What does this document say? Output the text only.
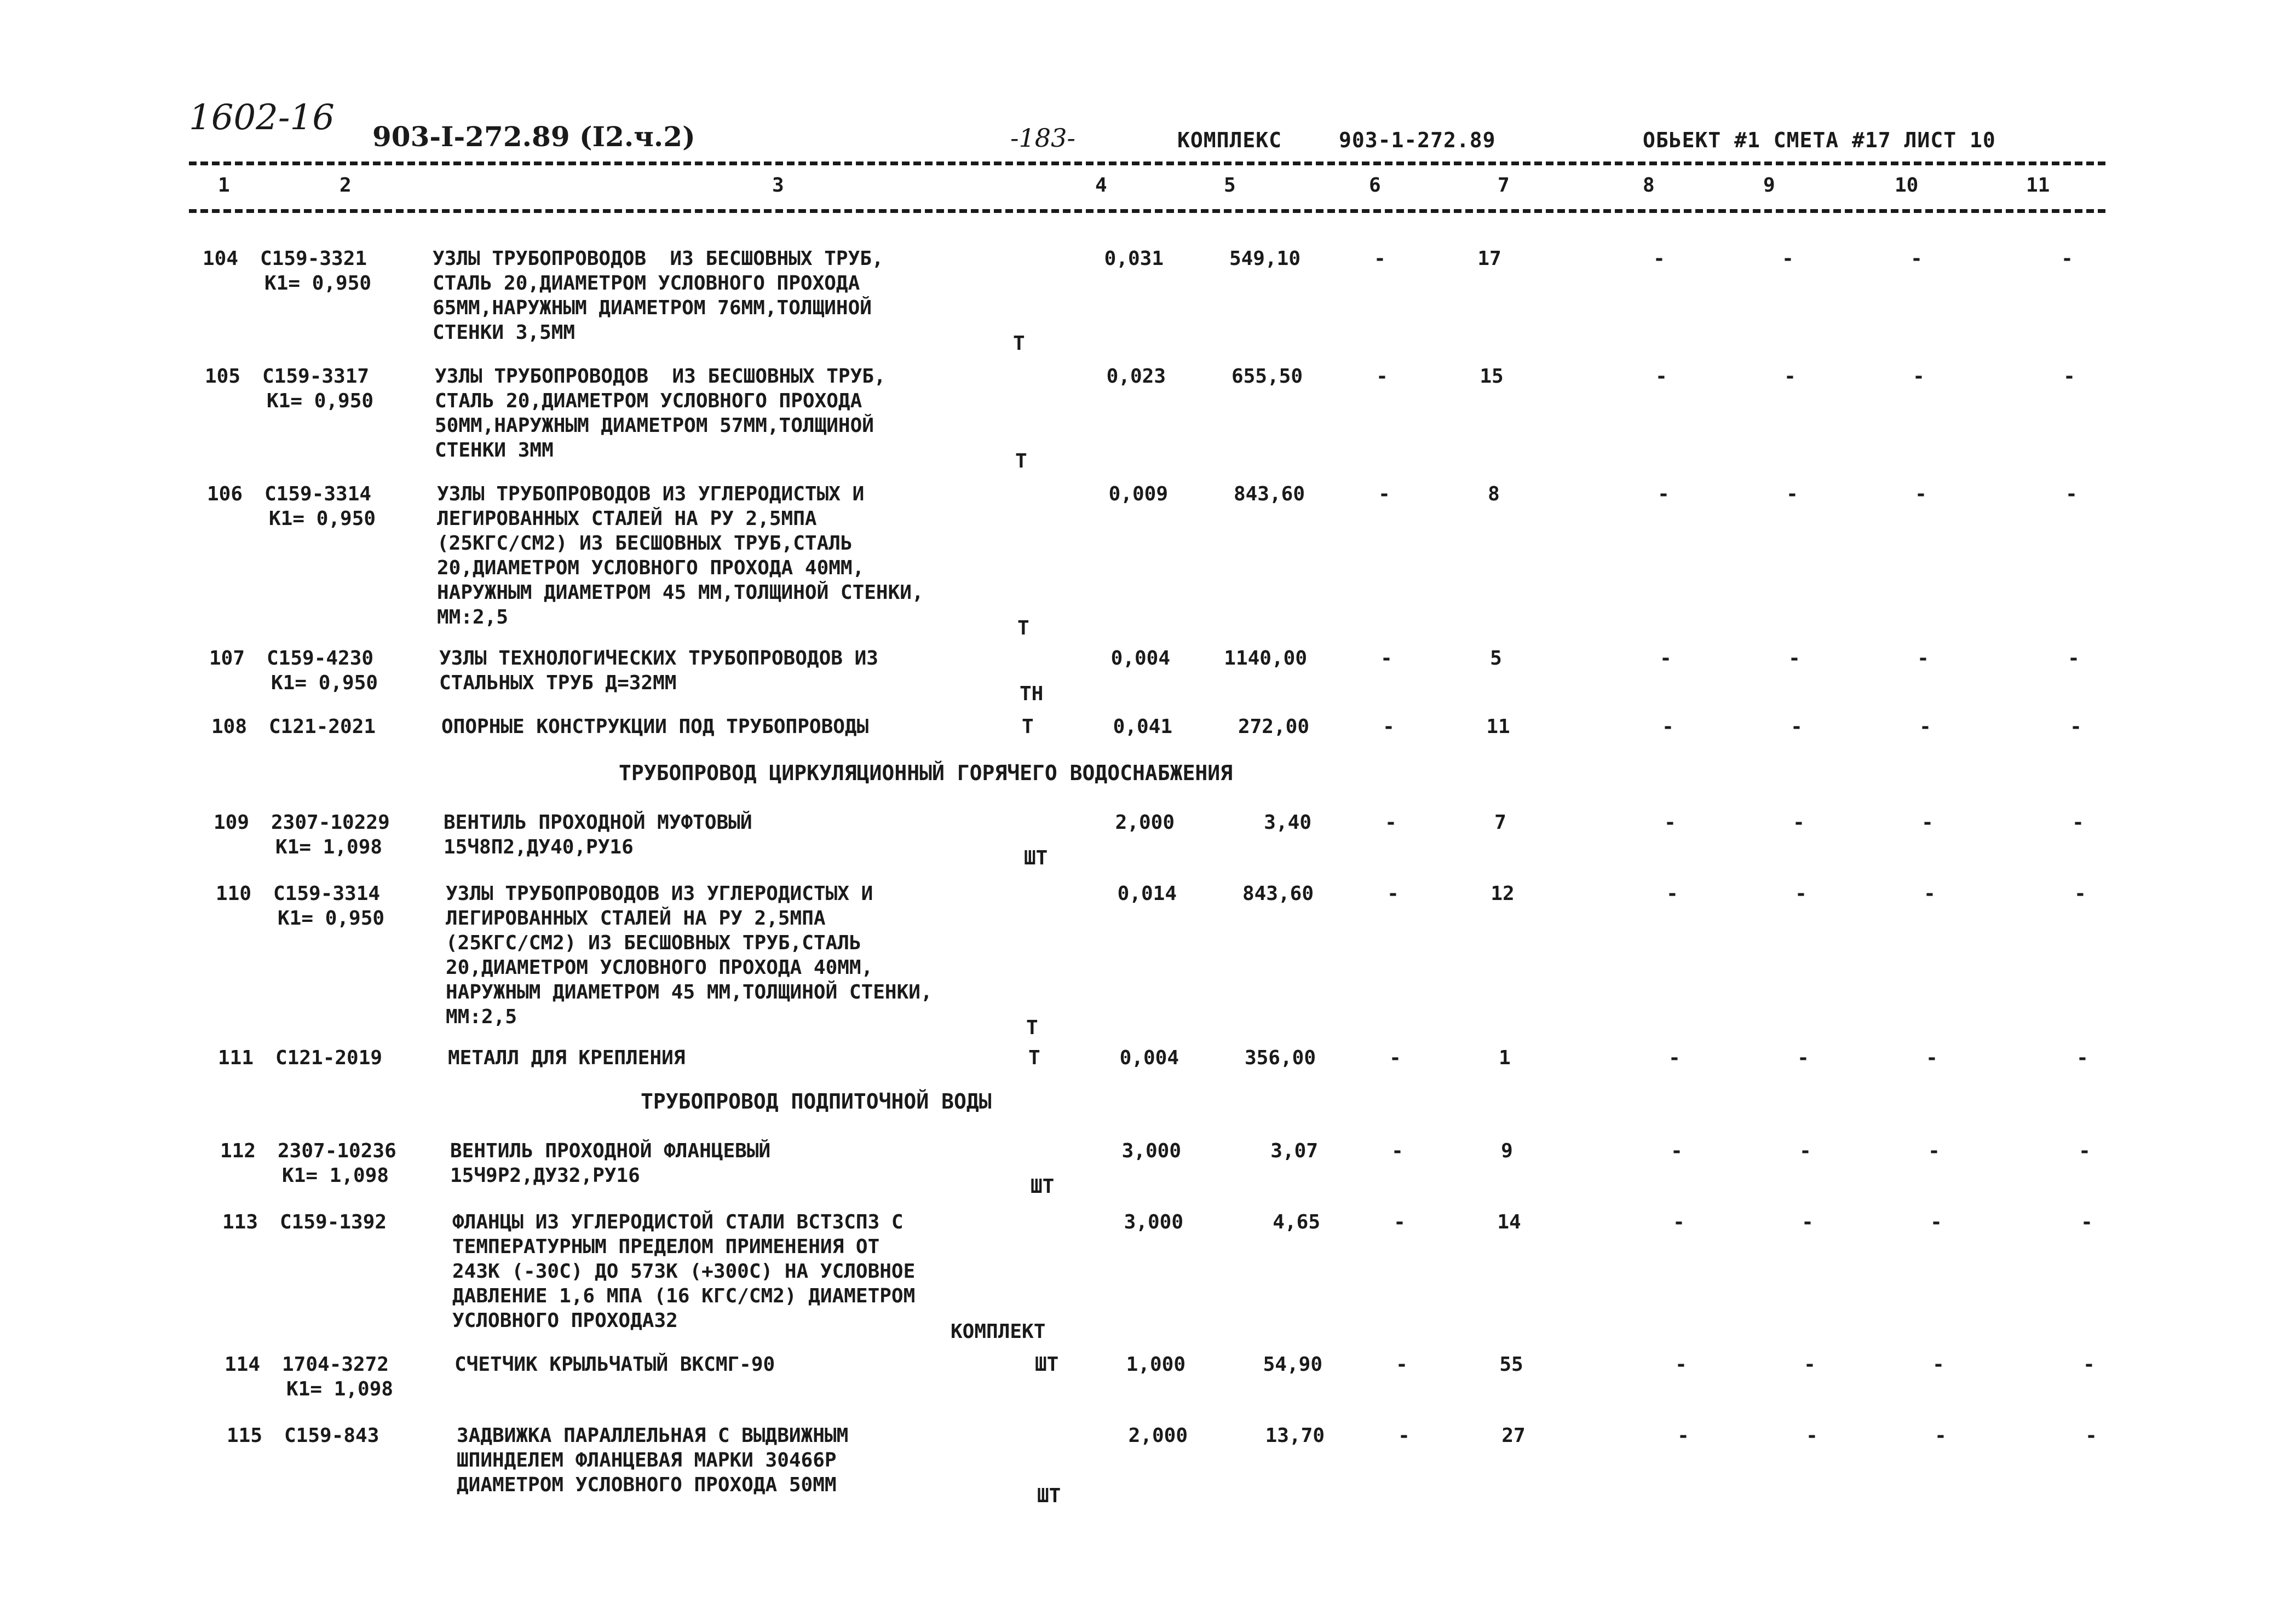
1602-16 903-I-272.89 (I2.ч.2)	-183-	КОМПЛЕКС	903-1-272.89	ОБЬЕКТ #1 СМЕТА #17 ЛИСТ 10
1	2	3	4	5	6	7	8	9	10	11
104 C159-3321
K1= 0,950
УЗЛЫ ТРУБОПРОВОДОВ  ИЗ БЕСШОВНЫХ ТРУБ,
СТАЛЬ 20,ДИАМЕТРОМ УСЛОВНОГО ПРОХОДА
65ММ,НАРУЖНЫМ ДИАМЕТРОМ 76ММ,ТОЛЩИНОЙ
СТЕНКИ 3,5ММ	Т
0,031	549,10	-	17	-	-	-	-
105 C159-3317
K1= 0,950
УЗЛЫ ТРУБОПРОВОДОВ  ИЗ БЕСШОВНЫХ ТРУБ,
СТАЛЬ 20,ДИАМЕТРОМ УСЛОВНОГО ПРОХОДА
50ММ,НАРУЖНЫМ ДИАМЕТРОМ 57ММ,ТОЛЩИНОЙ
СТЕНКИ 3ММ	Т
0,023	655,50	-	15	-	-	-	-
106 C159-3314
K1= 0,950
УЗЛЫ ТРУБОПРОВОДОВ ИЗ УГЛЕРОДИСТЫХ И
ЛЕГИРОВАННЫХ СТАЛЕЙ НА РУ 2,5МПА
(25КГС/СМ2) ИЗ БЕСШОВНЫХ ТРУБ,СТАЛЬ
20,ДИАМЕТРОМ УСЛОВНОГО ПРОХОДА 40ММ,
НАРУЖНЫМ ДИАМЕТРОМ 45 ММ,ТОЛЩИНОЙ СТЕНКИ,
ММ:2,5	Т
0,009	843,60	-	8	-	-	-	-
107 C159-4230
K1= 0,950
УЗЛЫ ТЕХНОЛОГИЧЕСКИХ ТРУБОПРОВОДОВ ИЗ
СТАЛЬНЫХ ТРУБ Д=32ММ	ТН
0,004	1140,00	-	5	-	-	-	-
108 C121-2021	ОПОРНЫЕ КОНСТРУКЦИИ ПОД ТРУБОПРОВОДЫ	Т	0,041	272,00	-	11	-	-	-	-
ТРУБОПРОВОД ЦИРКУЛЯЦИОННЫЙ ГОРЯЧЕГО ВОДОСНАБЖЕНИЯ
109 2307-10229
K1= 1,098
ВЕНТИЛЬ ПРОХОДНОЙ МУФТОВЫЙ
15Ч8П2,ДУ40,РУ16	ШТ
2,000	3,40	-	7	-	-	-	-
110 C159-3314
K1= 0,950
УЗЛЫ ТРУБОПРОВОДОВ ИЗ УГЛЕРОДИСТЫХ И
ЛЕГИРОВАННЫХ СТАЛЕЙ НА РУ 2,5МПА
(25КГС/СМ2) ИЗ БЕСШОВНЫХ ТРУБ,СТАЛЬ
20,ДИАМЕТРОМ УСЛОВНОГО ПРОХОДА 40ММ,
НАРУЖНЫМ ДИАМЕТРОМ 45 ММ,ТОЛЩИНОЙ СТЕНКИ,
ММ:2,5	Т
0,014	843,60	-	12	-	-	-	-
111 C121-2019	МЕТАЛЛ ДЛЯ КРЕПЛЕНИЯ	Т	0,004	356,00	-	1	-	-	-	-
ТРУБОПРОВОД ПОДПИТОЧНОЙ ВОДЫ
112 2307-10236
K1= 1,098
ВЕНТИЛЬ ПРОХОДНОЙ ФЛАНЦЕВЫЙ
15Ч9Р2,ДУ32,РУ16	ШТ
3,000	3,07	-	9	-	-	-	-
113 C159-1392	ФЛАНЦЫ ИЗ УГЛЕРОДИСТОЙ СТАЛИ ВСТ3СП3 С
ТЕМПЕРАТУРНЫМ ПРЕДЕЛОМ ПРИМЕНЕНИЯ ОТ
243К (-30С) ДО 573К (+300С) НА УСЛОВНОЕ
ДАВЛЕНИЕ 1,6 МПА (16 КГС/СМ2) ДИАМЕТРОМ
УСЛОВНОГО ПРОХОДА32	КОМПЛЕКТ
3,000	4,65	-	14	-	-	-	-
114 1704-3272
K1= 1,098
СЧЕТЧИК КРЫЛЬЧАТЫЙ ВКСМГ-90	ШТ	1,000	54,90	-	55	-	-	-	-
115 C159-843	ЗАДВИЖКА ПАРАЛЛЕЛЬНАЯ С ВЫДВИЖНЫМ
ШПИНДЕЛЕМ ФЛАНЦЕВАЯ МАРКИ 30466Р
ДИАМЕТРОМ УСЛОВНОГО ПРОХОДА 50ММ	ШТ
2,000	13,70	-	27	-	-	-	-
